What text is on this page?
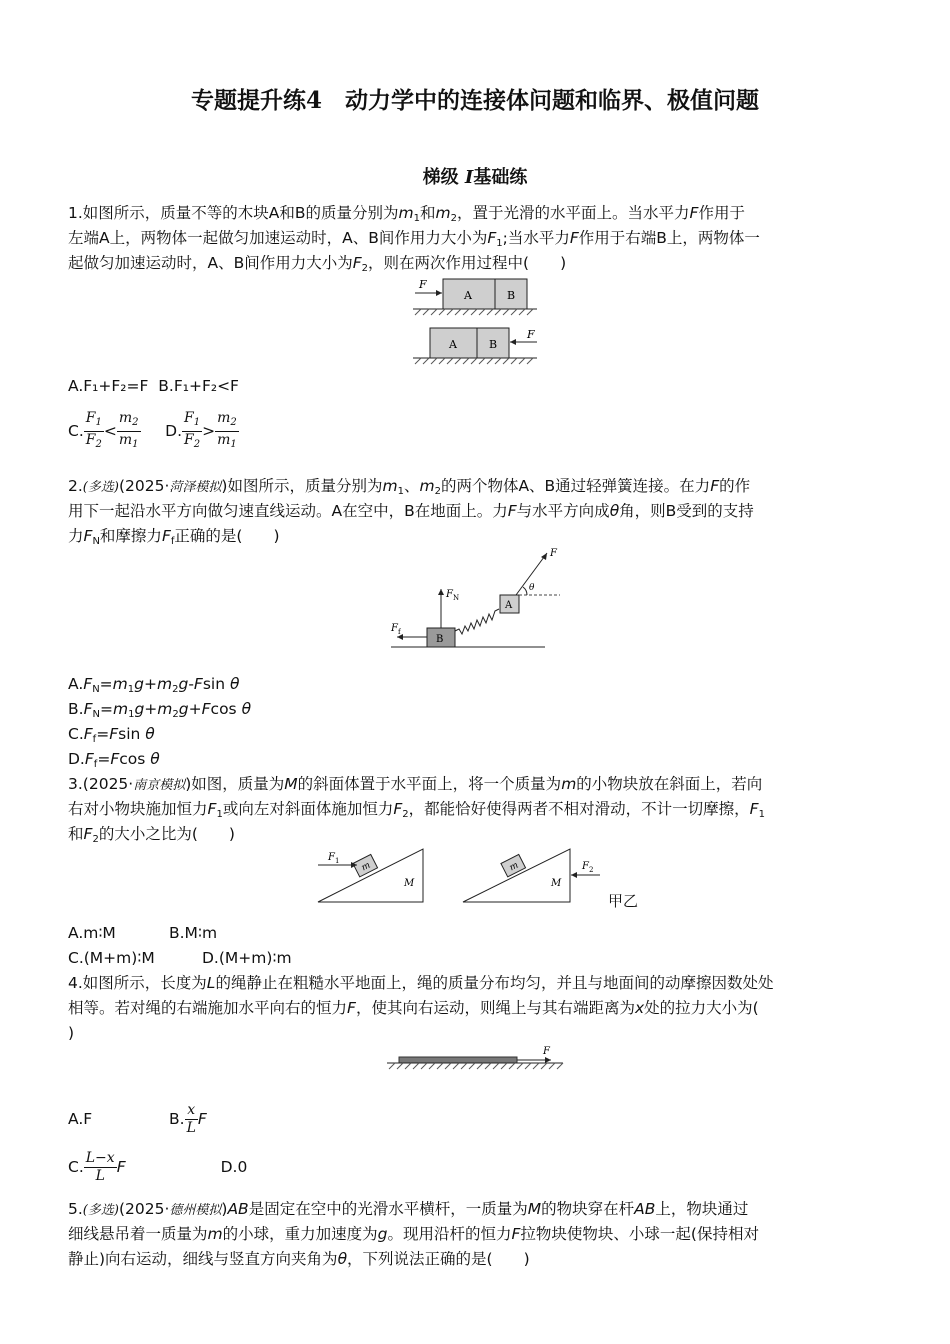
专题提升练4　动力学中的连接体问题和临界、极值问题
梯级 I基础练
1.如图所示，质量不等的木块A和B的质量分别为$m_1$和$m_2$，置于光滑的水平面上。当水平力F作用于
左端A上，两物体一起做匀加速运动时，A、B间作用力大小为$F_1$;当水平力F作用于右端B上，两物体一
起做匀加速运动时，A、B间作用力大小为$F_2$，则在两次作用过程中(　　)
A	B
F
A	B
F
A.F₁+F₂=F B.F₁+F₂<F
C. $\frac{F_1}{F_2} < \frac{m_2}{m_1} D$. $\frac{F_1}{F_2} > \frac{m_2}{m_1}$
2.(多选)(2025·菏泽模拟)如图所示，质量分别为$m_1$、$m_2$的两个物体A、B通过轻弹簧连接。在力F的作
用下一起沿水平方向做匀速直线运动。A在空中，B在地面上。力F与水平方向成θ角，则B受到的支持
力$F_N$和摩擦力$F_f$正确的是(　　)
B
A
$F_N$
$F_f$
F
θ
$A.F_N=m_1g+m_2g$-Fsin θ
$B.F_N=m_1g+m_2g+Fcos$ θ
$C.F_f=Fsin$ θ
$D.F_f=Fcos$ θ
3.(2025·南京模拟)如图，质量为M的斜面体置于水平面上，将一个质量为m的小物块放在斜面上，若向
右对小物块施加恒力$F_1$或向左对斜面体施加恒力$F_2$，都能恰好使得两者不相对滑动，不计一切摩擦，$F_1$
和$F_2$的大小之比为(　　)
m
$F_1$
M
m	$F_2$
M
甲乙
A.m∶M	B.M∶m
C.(M+m)∶M	D.(M+m)∶m
4.如图所示，长度为L的绳静止在粗糙水平地面上，绳的质量分布均匀，并且与地面间的动摩擦因数处处
相等。若对绳的右端施加水平向右的恒力F，使其向右运动，则绳上与其右端距离为x处的拉力大小为(
)
F
A.F	B. $\frac{x}{L}$ F
C. $\frac{L-x}{L}$ F	D.0
5.(多选)(2025·德州模拟)AB是固定在空中的光滑水平横杆，一质量为M的物块穿在杆AB上，物块通过
细线悬吊着一质量为m的小球，重力加速度为g。现用沿杆的恒力F拉物块使物块、小球一起(保持相对
静止)向右运动，细线与竖直方向夹角为θ，下列说法正确的是(　　)
